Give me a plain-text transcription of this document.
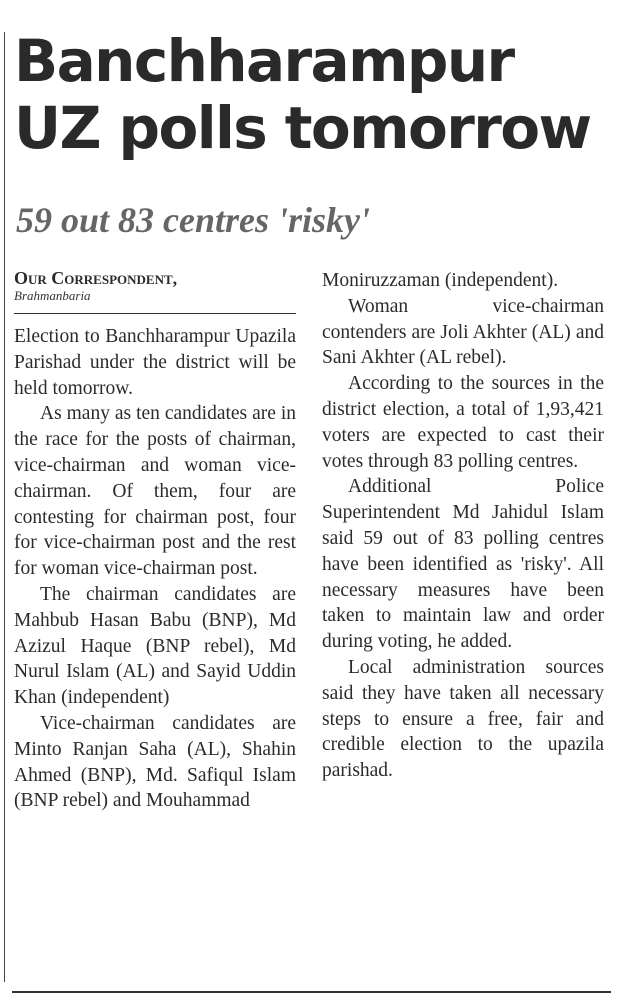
Banchharampur UZ polls tomorrow
59 out 83 centres 'risky'
Our Correspondent,
Brahmanbaria

Election to Banchharampur Upazila Parishad under the district will be held tomorrow.

As many as ten candidates are in the race for the posts of chairman, vice-chairman and woman vice-chairman. Of them, four are contesting for chairman post, four for vice-chairman post and the rest for woman vice-chairman post.

The chairman candidates are Mahbub Hasan Babu (BNP), Md Azizul Haque (BNP rebel), Md Nurul Islam (AL) and Sayid Uddin Khan (independent)

Vice-chairman candidates are Minto Ranjan Saha (AL), Shahin Ahmed (BNP), Md. Safiqul Islam (BNP rebel) and Mouhammad

Moniruzzaman (independent).

Woman vice-chairman contenders are Joli Akhter (AL) and Sani Akhter (AL rebel).

According to the sources in the district election, a total of 1,93,421 voters are expected to cast their votes through 83 polling centres.

Additional Police Superintendent Md Jahidul Islam said 59 out of 83 polling centres have been identified as 'risky'. All necessary measures have been taken to maintain law and order during voting, he added.

Local administration sources said they have taken all necessary steps to ensure a free, fair and credible election to the upazila parishad.
